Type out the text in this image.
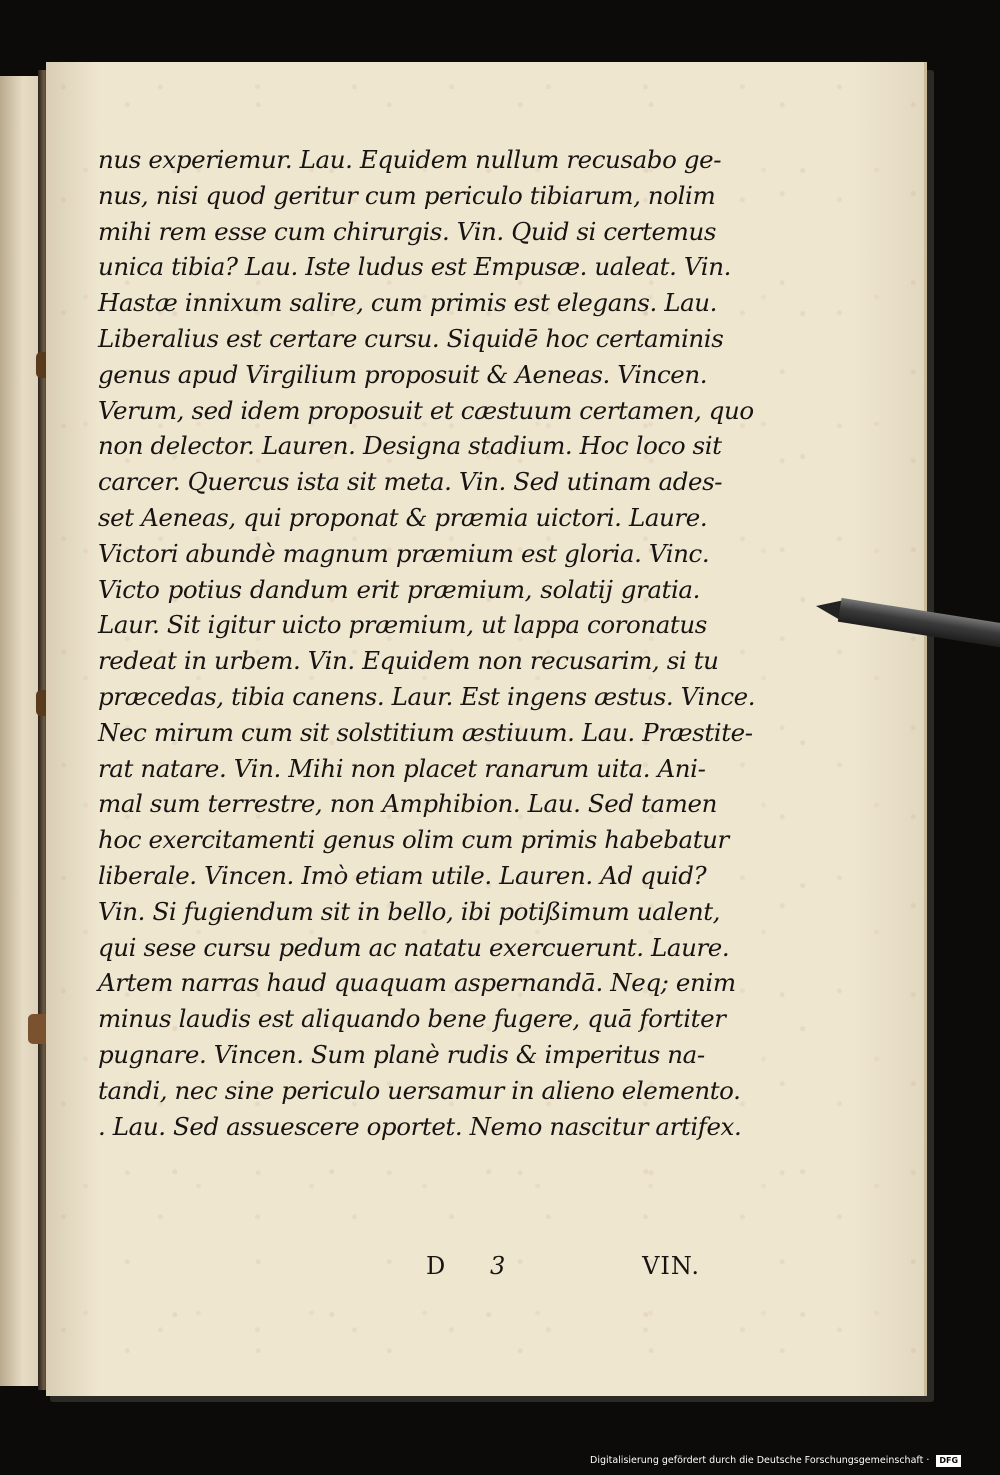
nus experiemur. Lau. Equidem nullum recusabo ge-
nus, nisi quod geritur cum periculo tibiarum, nolim
mihi rem esse cum chirurgis. Vin. Quid si certemus
unica tibia? Lau. Iste ludus est Empusæ. ualeat. Vin.
Hastæ innixum salire, cum primis est elegans. Lau.
Liberalius est certare cursu. Siquidē hoc certaminis
genus apud Virgilium proposuit & Aeneas. Vincen.
Verum, sed idem proposuit et cæstuum certamen, quo
non delector. Lauren. Designa stadium. Hoc loco sit
carcer. Quercus ista sit meta. Vin. Sed utinam ades-
set Aeneas, qui proponat & præmia uictori. Laure.
Victori abundè magnum præmium est gloria. Vinc.
Victo potius dandum erit præmium, solatij gratia.
Laur. Sit igitur uicto præmium, ut lappa coronatus
redeat in urbem. Vin. Equidem non recusarim, si tu
præcedas, tibia canens. Laur. Est ingens æstus. Vince.
Nec mirum cum sit solstitium æstiuum. Lau. Præstite-
rat natare. Vin. Mihi non placet ranarum uita. Ani-
mal sum terrestre, non Amphibion. Lau. Sed tamen
hoc exercitamenti genus olim cum primis habebatur
liberale. Vincen. Imò etiam utile. Lauren. Ad quid?
Vin. Si fugiendum sit in bello, ibi potißimum ualent,
qui sese cursu pedum ac natatu exercuerunt. Laure.
Artem narras haud quaquam aspernandā. Neq; enim
minus laudis est aliquando bene fugere, quā fortiter
pugnare. Vincen. Sum planè rudis & imperitus na-
tandi, nec sine periculo uersamur in alieno elemento.
. Lau. Sed assuescere oportet. Nemo nascitur artifex.
D 3	VIN.
Digitalisierung gefördert durch die Deutsche Forschungsgemeinschaft · DFG
